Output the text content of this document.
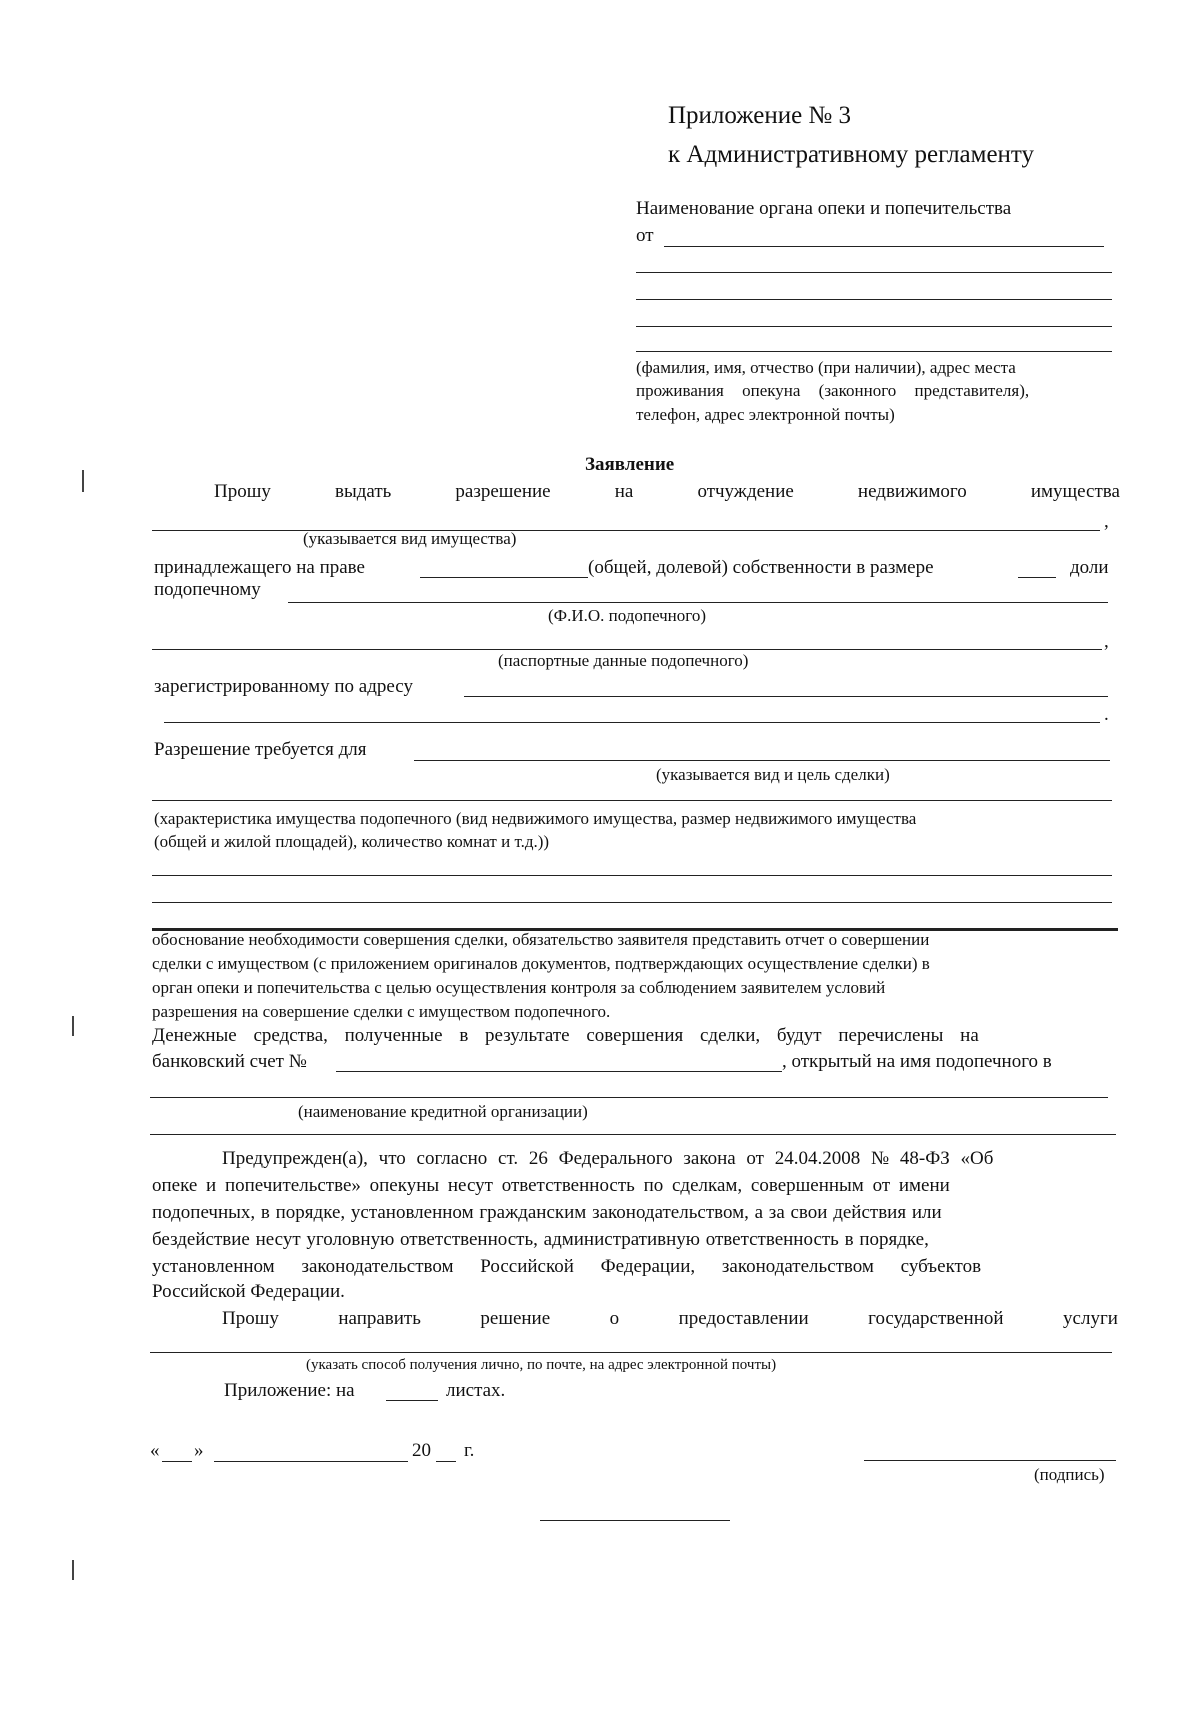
Приложение № 3
к Административному регламенту
Наименование органа опеки и попечительства
от
(фамилия, имя, отчество (при наличии), адрес места
проживания опекуна (законного представителя),
телефон, адрес электронной почты)
Заявление
Прошу	выдать	разрешение	на	отчуждение	недвижимого	имущества
,
(указывается вид имущества)
принадлежащего на праве	(общей, долевой) собственности в размере	доли
подопечному
(Ф.И.О. подопечного)
,
(паспортные данные подопечного)
зарегистрированному по адресу
.
Разрешение требуется для
(указывается вид и цель сделки)
(характеристика имущества подопечного (вид недвижимого имущества, размер недвижимого имущества
(общей и жилой площадей), количество комнат и т.д.))
обоснование необходимости совершения сделки, обязательство заявителя представить отчет о совершении
сделки с имуществом (с приложением оригиналов документов, подтверждающих осуществление сделки) в
орган опеки и попечительства с целью осуществления контроля за соблюдением заявителем условий
разрешения на совершение сделки с имуществом подопечного.
Денежные средства, полученные в результате совершения сделки, будут перечислены на
банковский счет №	, открытый на имя подопечного в
(наименование кредитной организации)
Предупрежден(а), что согласно ст. 26 Федерального закона от 24.04.2008 № 48-ФЗ «Об
опеке и попечительстве» опекуны несут ответственность по сделкам, совершенным от имени
подопечных, в порядке, установленном гражданским законодательством, а за свои действия или
бездействие несут уголовную ответственность, административную ответственность в порядке,
установленном законодательством Российской Федерации, законодательством субъектов
Российской Федерации.
Прошу	направить	решение	о	предоставлении	государственной	услуги
(указать способ получения лично, по почте, на адрес электронной почты)
Приложение: на	листах.
« »	20 г.
(подпись)
